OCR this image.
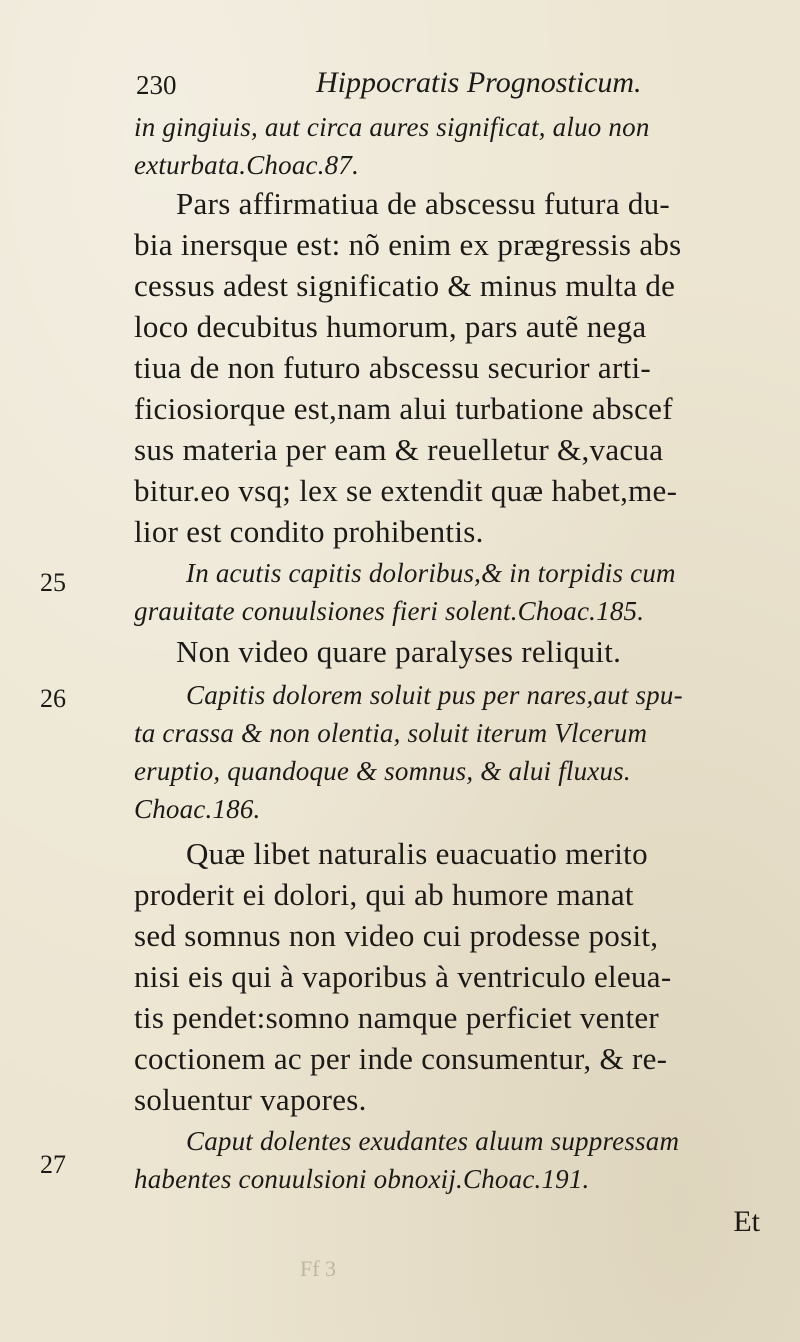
230	Hippocratis Prognosticum.
in gingiuis, aut circa aures significat, aluo non
exturbata.Choac.87.
Pars affirmatiua de abscessu futura du-
bia inersque est: nõ enim ex prægressis abs
cessus adest significatio & minus multa de
loco decubitus humorum, pars autẽ nega
tiua de non futuro abscessu securior arti-
ficiosiorque est,nam alui turbatione abscef
sus materia per eam & reuelletur &,vacua
bitur.eo vsq; lex se extendit quæ habet,me-
lior est condito prohibentis.
25	In acutis capitis doloribus,& in torpidis cum
grauitate conuulsiones fieri solent.Choac.185.
Non video quare paralyses reliquit.
26	Capitis dolorem soluit pus per nares,aut spu-
ta crassa & non olentia, soluit iterum Vlcerum
eruptio, quandoque & somnus, & alui fluxus.
Choac.186.
Quæ libet naturalis euacuatio merito
proderit ei dolori, qui ab humore manat
sed somnus non video cui prodesse posit,
nisi eis qui à vaporibus à ventriculo eleua-
tis pendet:somno namque perficiet venter
coctionem ac per inde consumentur, & re-
soluentur vapores.
27
Caput dolentes exudantes aluum suppressam
habentes conuulsioni obnoxij.Choac.191.
Et
Ff 3
